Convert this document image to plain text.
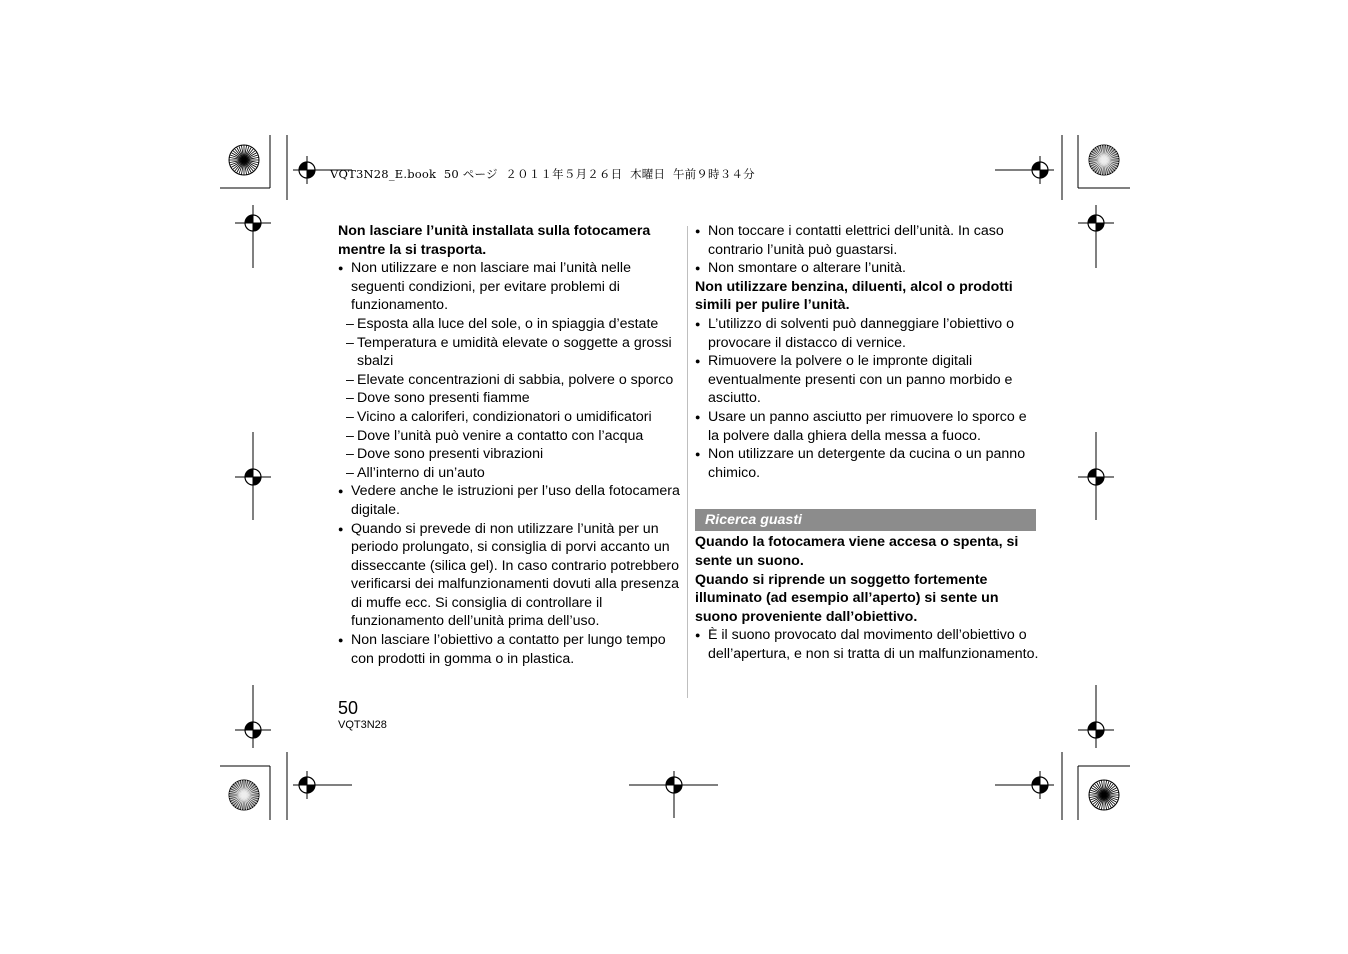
VQT3N28_E.book  50 ページ  ２０１１年５月２６日  木曜日  午前９時３４分

Non lasciare l’unità installata sulla fotocamera mentre la si trasporta.

● Non utilizzare e non lasciare mai l’unità nelle seguenti condizioni, per evitare problemi di funzionamento.

– Esposta alla luce del sole, o in spiaggia d’estate

– Temperatura e umidità elevate o soggette a grossi sbalzi

– Elevate concentrazioni di sabbia, polvere o sporco

– Dove sono presenti fiamme

– Vicino a caloriferi, condizionatori o umidificatori

– Dove l’unità può venire a contatto con l’acqua

– Dove sono presenti vibrazioni

– All’interno di un’auto

● Vedere anche le istruzioni per l’uso della fotocamera digitale.

● Quando si prevede di non utilizzare l’unità per un periodo prolungato, si consiglia di porvi accanto un disseccante (silica gel). In caso contrario potrebbero verificarsi dei malfunzionamenti dovuti alla presenza di muffe ecc. Si consiglia di controllare il funzionamento dell’unità prima dell’uso.

● Non lasciare l’obiettivo a contatto per lungo tempo con prodotti in gomma o in plastica.

● Non toccare i contatti elettrici dell’unità. In caso contrario l’unità può guastarsi.

● Non smontare o alterare l’unità.

Non utilizzare benzina, diluenti, alcol o prodotti simili per pulire l’unità.

● L’utilizzo di solventi può danneggiare l’obiettivo o provocare il distacco di vernice.

● Rimuovere la polvere o le impronte digitali eventualmente presenti con un panno morbido e asciutto.

● Usare un panno asciutto per rimuovere lo sporco e la polvere dalla ghiera della messa a fuoco.

● Non utilizzare un detergente da cucina o un panno chimico.

Ricerca guasti

Quando la fotocamera viene accesa o spenta, si sente un suono.

Quando si riprende un soggetto fortemente illuminato (ad esempio all’aperto) si sente un suono proveniente dall’obiettivo.

● È il suono provocato dal movimento dell’obiettivo o dell’apertura, e non si tratta di un malfunzionamento.

50
VQT3N28
